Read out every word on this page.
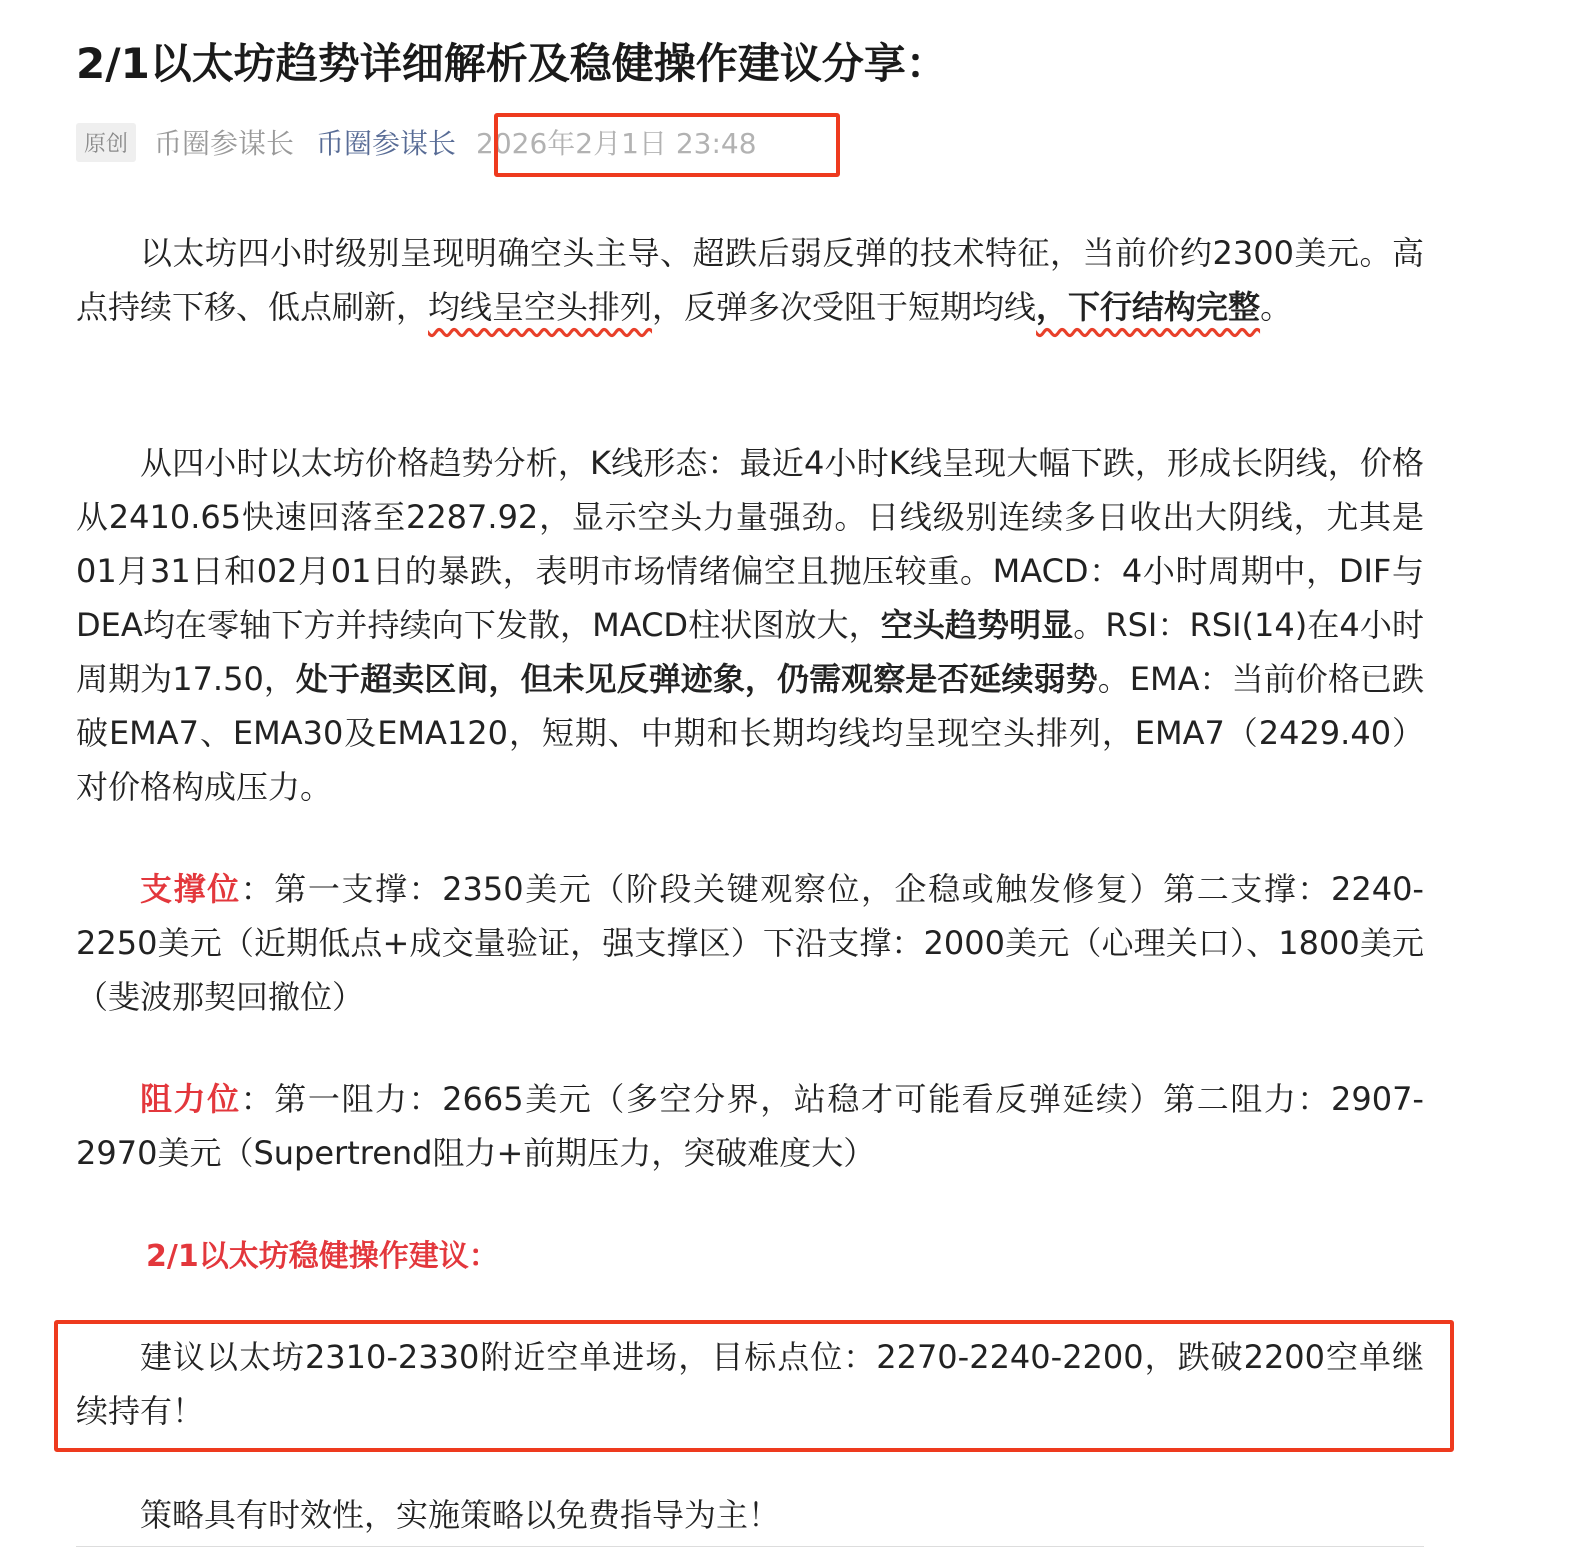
2/1以太坊趋势详细解析及稳健操作建议分享：
原创 币圈参谋长 币圈参谋长 2026年2月1日 23:48

以太坊四小时级别呈现明确空头主导、超跌后弱反弹的技术特征，当前价约2300美元。高点持续下移、低点刷新，均线呈空头排列，反弹多次受阻于短期均线，下行结构完整。

从四小时以太坊价格趋势分析，K线形态：最近4小时K线呈现大幅下跌，形成长阴线，价格从2410.65快速回落至2287.92，显示空头力量强劲。日线级别连续多日收出大阴线，尤其是01月31日和02月01日的暴跌，表明市场情绪偏空且抛压较重。MACD：4小时周期中，DIF与DEA均在零轴下方并持续向下发散，MACD柱状图放大，空头趋势明显。RSI：RSI(14)在4小时周期为17.50，处于超卖区间，但未见反弹迹象，仍需观察是否延续弱势。EMA：当前价格已跌破EMA7、EMA30及EMA120，短期、中期和长期均线均呈现空头排列，EMA7（2429.40）对价格构成压力。

支撑位：第一支撑：2350美元（阶段关键观察位，企稳或触发修复）第二支撑：2240-2250美元（近期低点+成交量验证，强支撑区）下沿支撑：2000美元（心理关口）、1800美元（斐波那契回撤位）

阻力位：第一阻力：2665美元（多空分界，站稳才可能看反弹延续）第二阻力：2907-2970美元（Supertrend阻力+前期压力，突破难度大）

2/1以太坊稳健操作建议：

建议以太坊2310-2330附近空单进场，目标点位：2270-2240-2200，跌破2200空单继续持有！

策略具有时效性，实施策略以免费指导为主！
